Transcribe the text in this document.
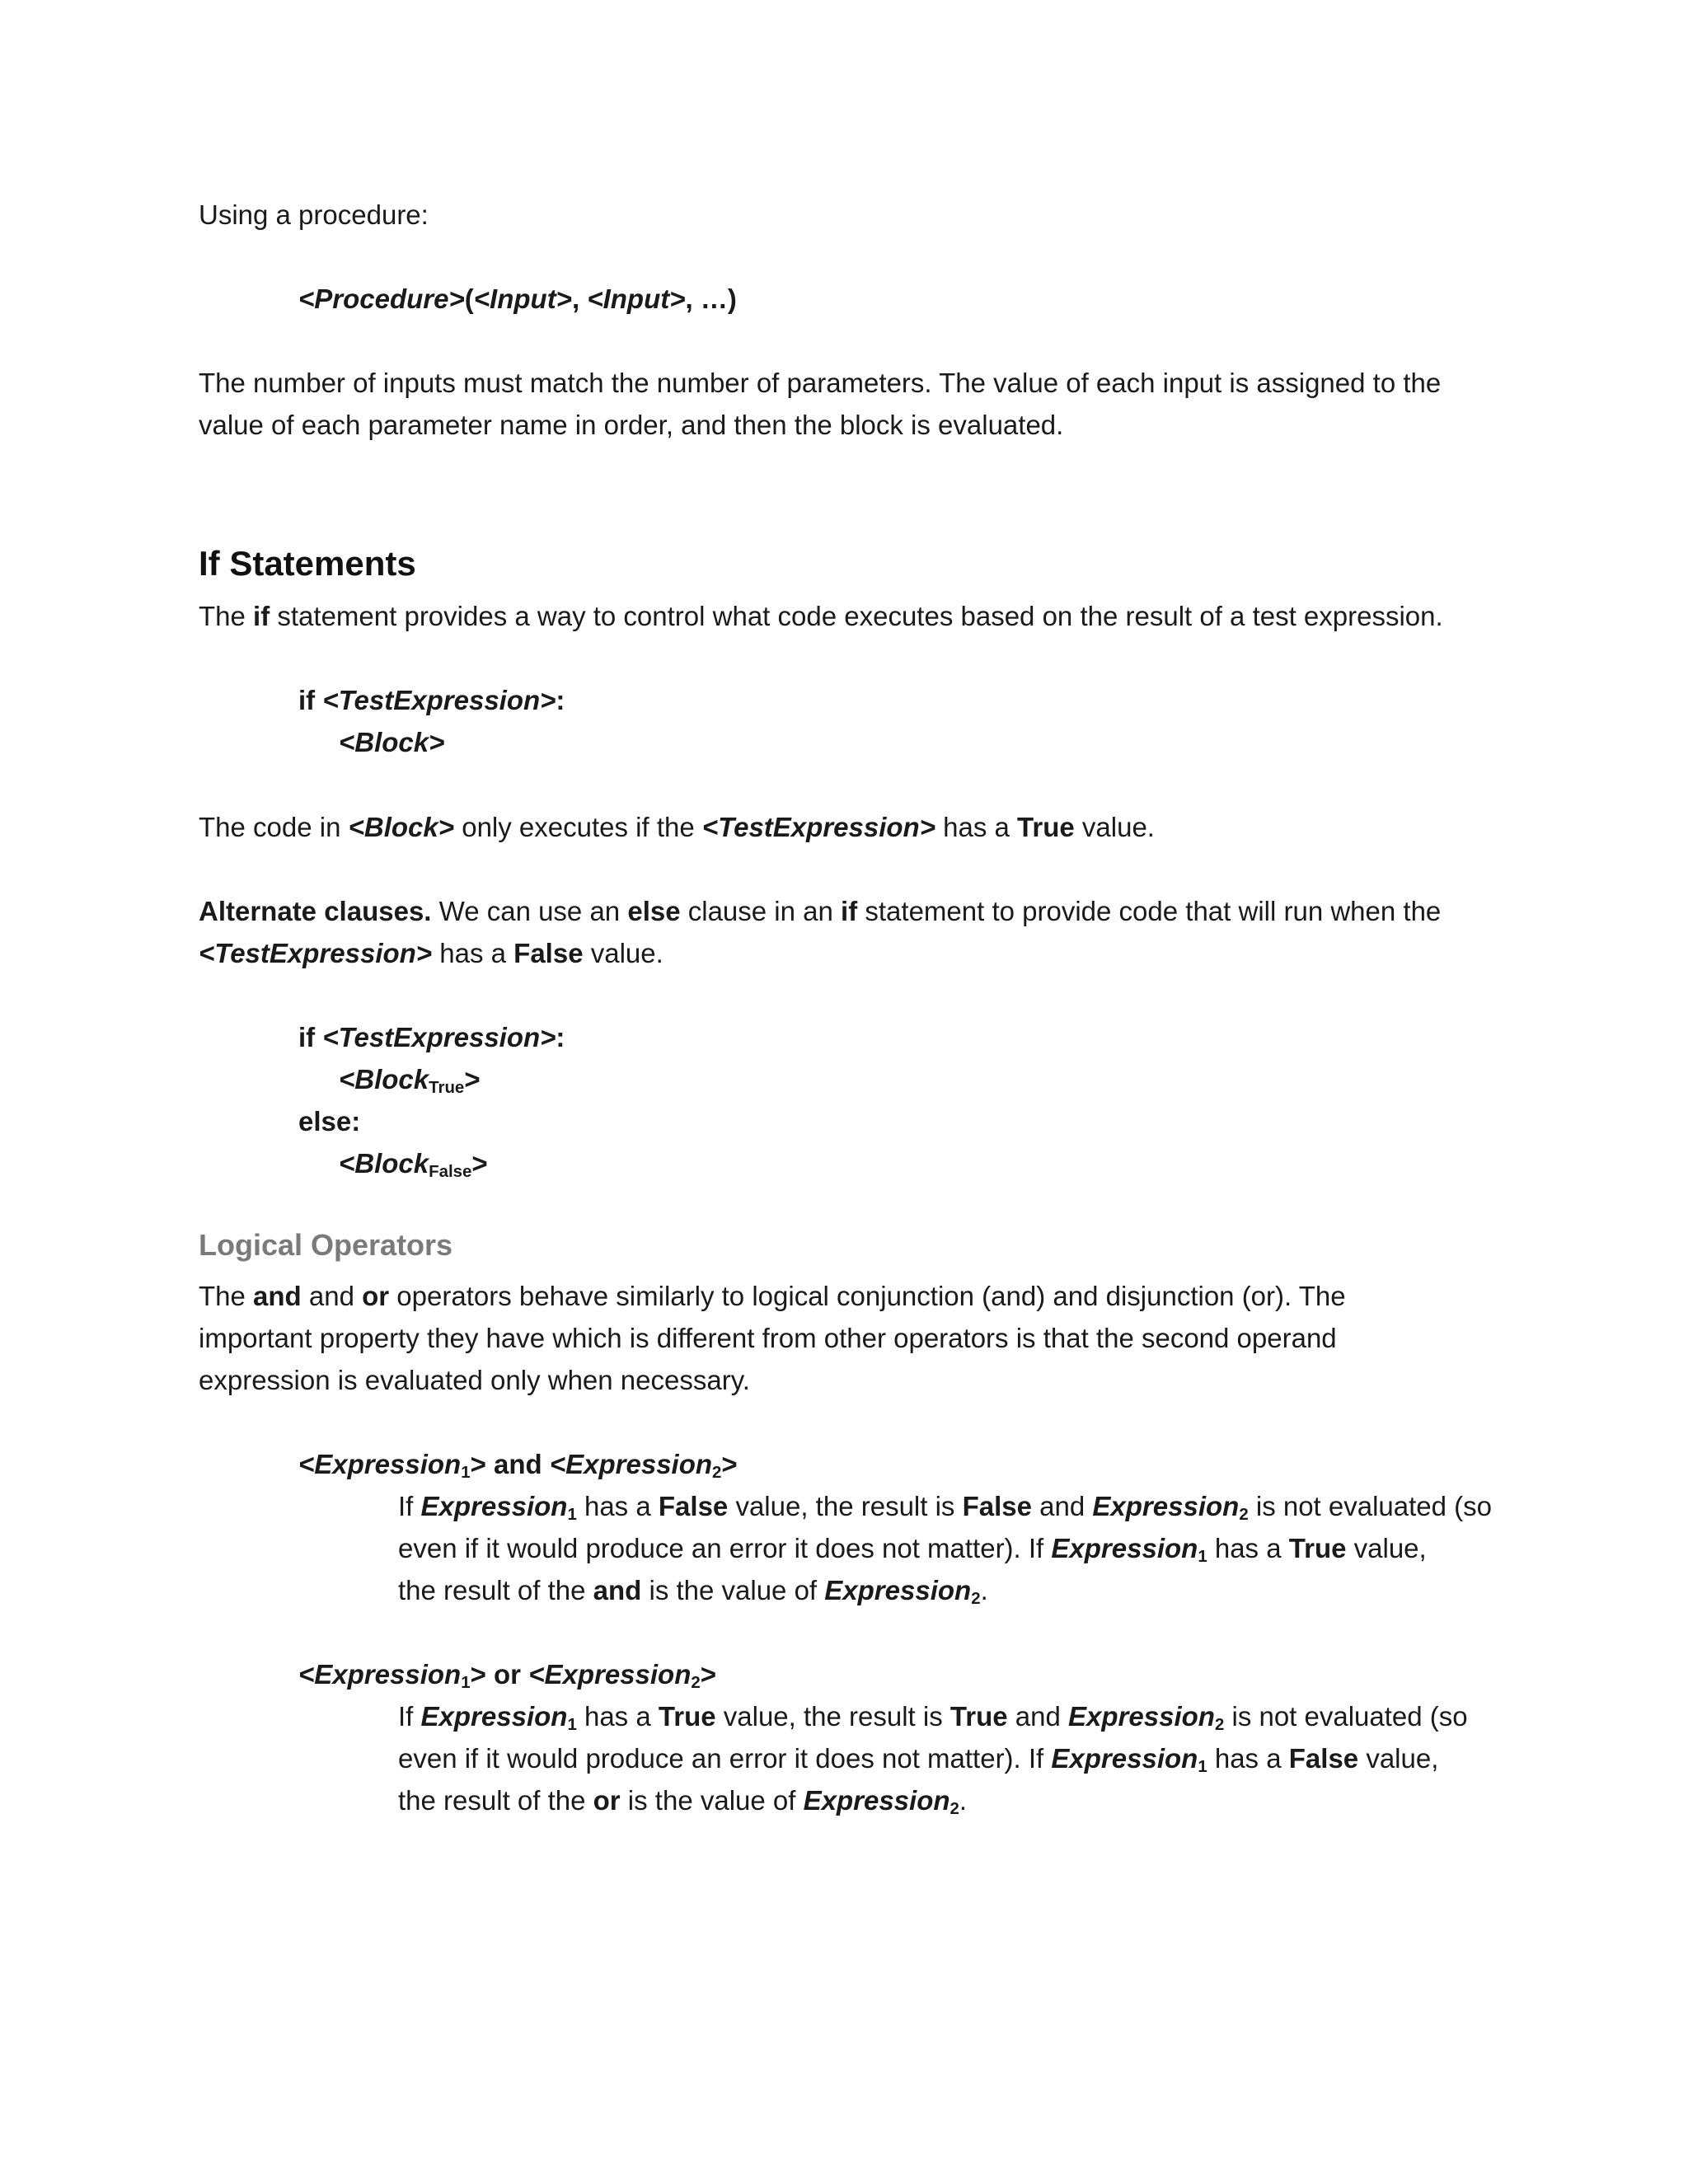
Using a procedure:
<Procedure>(<Input>, <Input>, …)
The number of inputs must match the number of parameters. The value of each input is assigned to the
value of each parameter name in order, and then the block is evaluated.
If Statements
The if statement provides a way to control what code executes based on the result of a test expression.
if <TestExpression>:
<Block>
The code in <Block> only executes if the <TestExpression> has a True value.
Alternate clauses. We can use an else clause in an if statement to provide code that will run when the
<TestExpression> has a False value.
if <TestExpression>:
<Block$_{True}$>
else:
<Block$_{False}$>
Logical Operators
The and and or operators behave similarly to logical conjunction (and) and disjunction (or). The
important property they have which is different from other operators is that the second operand
expression is evaluated only when necessary.
<Expression$_1$> and <Expression$_2$>
If Expression$_1$ has a False value, the result is False and Expression$_2$ is not evaluated (so
even if it would produce an error it does not matter). If Expression$_1$ has a True value,
the result of the and is the value of Expression$_2$.
<Expression$_1$> or <Expression$_2$>
If Expression$_1$ has a True value, the result is True and Expression$_2$ is not evaluated (so
even if it would produce an error it does not matter). If Expression$_1$ has a False value,
the result of the or is the value of Expression$_2$.
